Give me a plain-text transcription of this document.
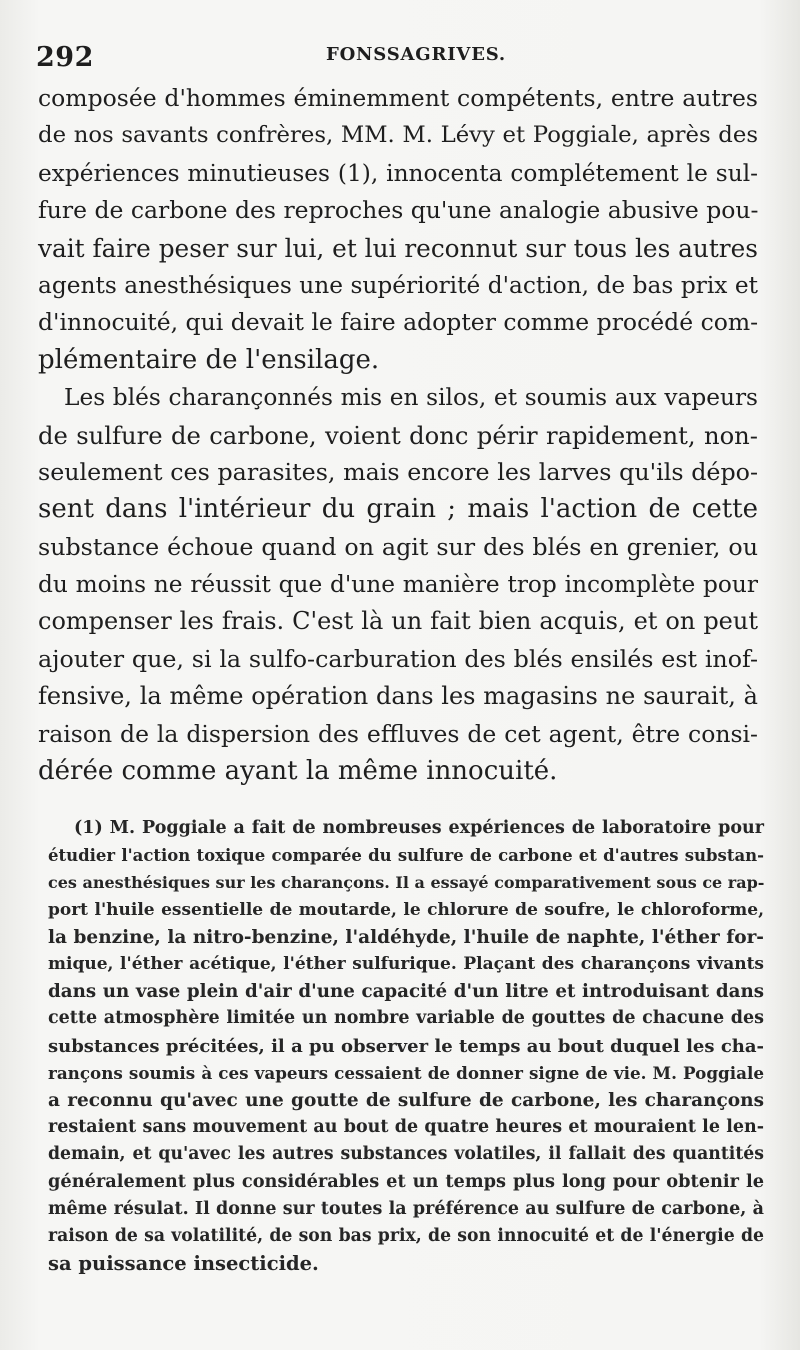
292	FONSSAGRIVES.
composée d'hommes éminemment compétents, entre autres
de nos savants confrères, MM. M. Lévy et Poggiale, après des
expériences minutieuses (1), innocenta complétement le sul-
fure de carbone des reproches qu'une analogie abusive pou-
vait faire peser sur lui, et lui reconnut sur tous les autres
agents anesthésiques une supériorité d'action, de bas prix et
d'innocuité, qui devait le faire adopter comme procédé com-
plémentaire de l'ensilage.
Les blés charançonnés mis en silos, et soumis aux vapeurs
de sulfure de carbone, voient donc périr rapidement, non-
seulement ces parasites, mais encore les larves qu'ils dépo-
sent dans l'intérieur du grain ; mais l'action de cette
substance échoue quand on agit sur des blés en grenier, ou
du moins ne réussit que d'une manière trop incomplète pour
compenser les frais. C'est là un fait bien acquis, et on peut
ajouter que, si la sulfo-carburation des blés ensilés est inof-
fensive, la même opération dans les magasins ne saurait, à
raison de la dispersion des effluves de cet agent, être consi-
dérée comme ayant la même innocuité.
(1) M. Poggiale a fait de nombreuses expériences de laboratoire pour
étudier l'action toxique comparée du sulfure de carbone et d'autres substan-
ces anesthésiques sur les charançons. Il a essayé comparativement sous ce rap-
port l'huile essentielle de moutarde, le chlorure de soufre, le chloroforme,
la benzine, la nitro-benzine, l'aldéhyde, l'huile de naphte, l'éther for-
mique, l'éther acétique, l'éther sulfurique. Plaçant des charançons vivants
dans un vase plein d'air d'une capacité d'un litre et introduisant dans
cette atmosphère limitée un nombre variable de gouttes de chacune des
substances précitées, il a pu observer le temps au bout duquel les cha-
rançons soumis à ces vapeurs cessaient de donner signe de vie. M. Poggiale
a reconnu qu'avec une goutte de sulfure de carbone, les charançons
restaient sans mouvement au bout de quatre heures et mouraient le len-
demain, et qu'avec les autres substances volatiles, il fallait des quantités
généralement plus considérables et un temps plus long pour obtenir le
même résulat. Il donne sur toutes la préférence au sulfure de carbone, à
raison de sa volatilité, de son bas prix, de son innocuité et de l'énergie de
sa puissance insecticide.
